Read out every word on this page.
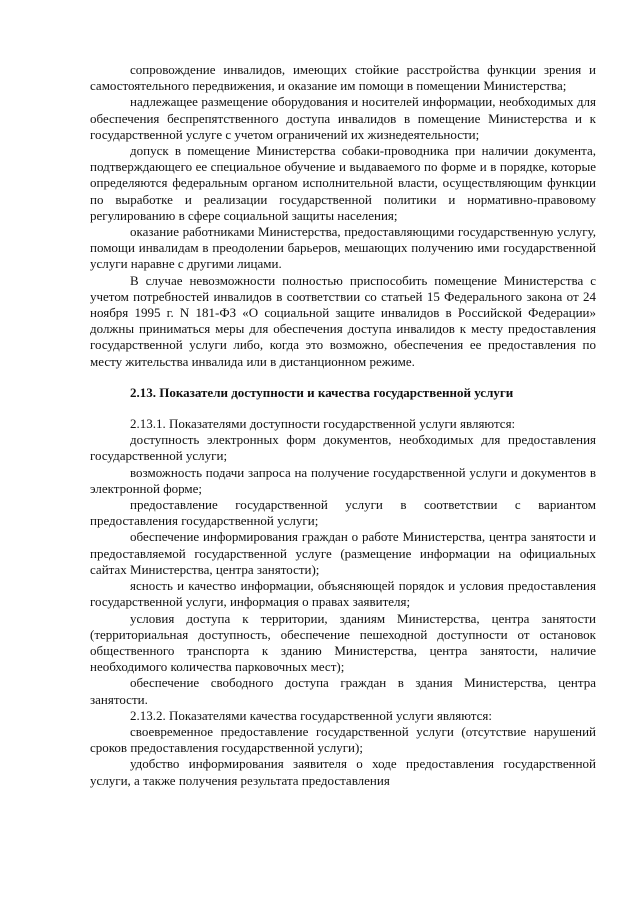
сопровождение инвалидов, имеющих стойкие расстройства функции зрения и самостоятельного передвижения, и оказание им помощи в помещении Министерства;

надлежащее размещение оборудования и носителей информации, необходимых для обеспечения беспрепятственного доступа инвалидов в помещение Министерства и к государственной услуге с учетом ограничений их жизнедеятельности;

допуск в помещение Министерства собаки-проводника при наличии документа, подтверждающего ее специальное обучение и выдаваемого по форме и в порядке, которые определяются федеральным органом исполнительной власти, осуществляющим функции по выработке и реализации государственной политики и нормативно-правовому регулированию в сфере социальной защиты населения;

оказание работниками Министерства, предоставляющими государственную услугу, помощи инвалидам в преодолении барьеров, мешающих получению ими государственной услуги наравне с другими лицами.

В случае невозможности полностью приспособить помещение Министерства с учетом потребностей инвалидов в соответствии со статьей 15 Федерального закона от 24 ноября 1995 г. N 181-ФЗ «О социальной защите инвалидов в Российской Федерации» должны приниматься меры для обеспечения доступа инвалидов к месту предоставления государственной услуги либо, когда это возможно, обеспечения ее предоставления по месту жительства инвалида или в дистанционном режиме.

2.13. Показатели доступности и качества государственной услуги

2.13.1. Показателями доступности государственной услуги являются:

доступность электронных форм документов, необходимых для предоставления государственной услуги;

возможность подачи запроса на получение государственной услуги и документов в электронной форме;

предоставление государственной услуги в соответствии с вариантом предоставления государственной услуги;

обеспечение информирования граждан о работе Министерства, центра занятости и предоставляемой государственной услуге (размещение информации на официальных сайтах Министерства, центра занятости);

ясность и качество информации, объясняющей порядок и условия предоставления государственной услуги, информация о правах заявителя;

условия доступа к территории, зданиям Министерства, центра занятости (территориальная доступность, обеспечение пешеходной доступности от остановок общественного транспорта к зданию Министерства, центра занятости, наличие необходимого количества парковочных мест);

обеспечение свободного доступа граждан в здания Министерства, центра занятости.

2.13.2. Показателями качества государственной услуги являются:

своевременное предоставление государственной услуги (отсутствие нарушений сроков предоставления государственной услуги);

удобство информирования заявителя о ходе предоставления государственной услуги, а также получения результата предоставления
